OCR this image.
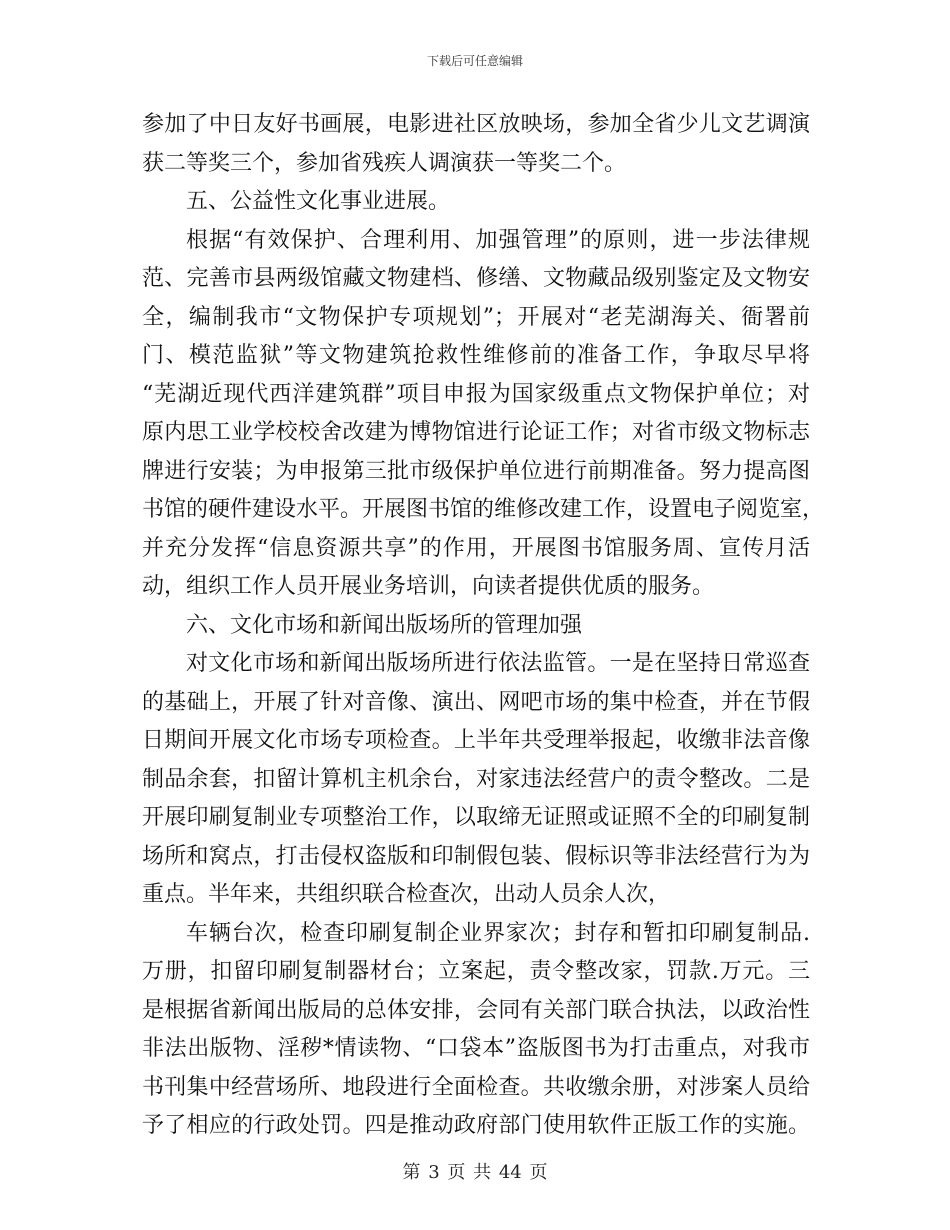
下载后可任意编辑
参加了中日友好书画展，电影进社区放映场，参加全省少儿文艺调演
获二等奖三个，参加省残疾人调演获一等奖二个。
五、公益性文化事业进展。
根据“有效保护、合理利用、加强管理”的原则，进一步法律规
范、完善市县两级馆藏文物建档、修缮、文物藏品级别鉴定及文物安
全，编制我市“文物保护专项规划”；开展对“老芜湖海关、衙署前
门、模范监狱”等文物建筑抢救性维修前的准备工作，争取尽早将
“芜湖近现代西洋建筑群”项目申报为国家级重点文物保护单位；对
原内思工业学校校舍改建为博物馆进行论证工作；对省市级文物标志
牌进行安装；为申报第三批市级保护单位进行前期准备。努力提高图
书馆的硬件建设水平。开展图书馆的维修改建工作，设置电子阅览室，
并充分发挥“信息资源共享”的作用，开展图书馆服务周、宣传月活
动，组织工作人员开展业务培训，向读者提供优质的服务。
六、文化市场和新闻出版场所的管理加强
对文化市场和新闻出版场所进行依法监管。一是在坚持日常巡查
的基础上，开展了针对音像、演出、网吧市场的集中检查，并在节假
日期间开展文化市场专项检查。上半年共受理举报起，收缴非法音像
制品余套，扣留计算机主机余台，对家违法经营户的责令整改。二是
开展印刷复制业专项整治工作，以取缔无证照或证照不全的印刷复制
场所和窝点，打击侵权盗版和印制假包装、假标识等非法经营行为为
重点。半年来，共组织联合检查次，出动人员余人次，
车辆台次，检查印刷复制企业界家次；封存和暂扣印刷复制品.
万册，扣留印刷复制器材台；立案起，责令整改家，罚款.万元。三
是根据省新闻出版局的总体安排，会同有关部门联合执法，以政治性
非法出版物、淫秽*情读物、“口袋本”盗版图书为打击重点，对我市
书刊集中经营场所、地段进行全面检查。共收缴余册，对涉案人员给
予了相应的行政处罚。四是推动政府部门使用软件正版工作的实施。
第 3 页 共 44 页
